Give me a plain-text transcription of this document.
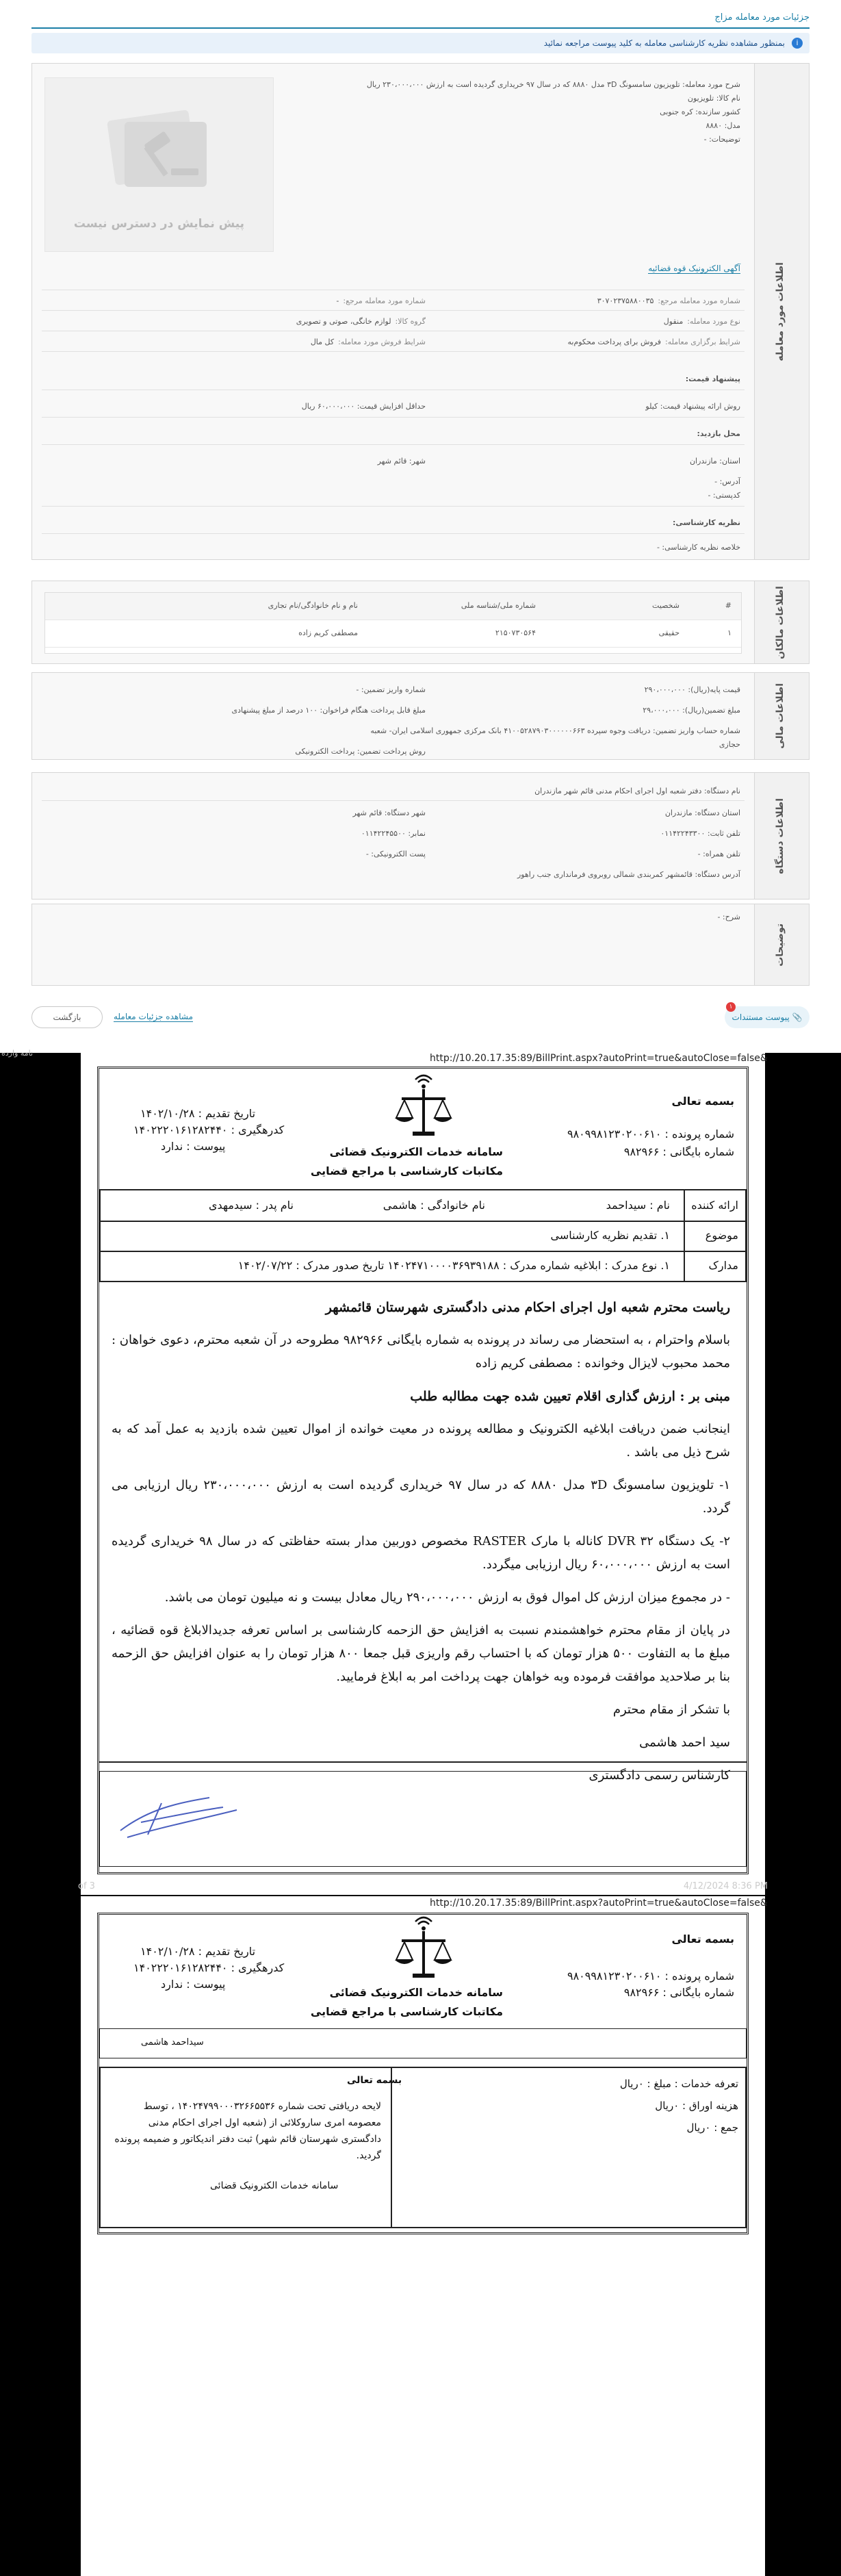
جزئیات مورد معامله مزاج
i
بمنظور مشاهده نظریه کارشناسی معامله به کلید پیوست مراجعه نمائید
اطلاعات مورد معامله
شرح مورد معامله: تلویزیون سامسونگ ۳D مدل ۸۸۸۰ که در سال ۹۷ خریداری گردیده است به ارزش ۲۳۰،۰۰۰،۰۰۰ ریال
نام کالا: تلویزیون
کشور سازنده: کره جنوبی
مدل: ۸۸۸۰
توضیحات: -
پیش نمایش در دسترس نیست
آگهی الکترونیک قوه قضائیه
شماره مورد معامله مرجع:۳۰۷۰۲۳۷۵۸۸۰۰۳۵
شماره مورد معامله مرجع:-
نوع مورد معامله:منقول
گروه کالا:لوازم خانگی، صوتی و تصویری
شرایط برگزاری معامله:فروش برای پرداخت محکوم‌به
شرایط فروش مورد معامله:کل مال
پیشنهاد قیمت:
روش ارائه پیشنهاد قیمت: کیلو
حداقل افزایش قیمت: ۶۰،۰۰۰،۰۰۰ ریال
محل بازدید:
استان: مازندران
شهر: قائم شهر
آدرس: -
کدپستی: -
نظریه کارشناسی:
خلاصه نظریه کارشناسی: -
اطلاعات مالکان
#
شخصیت
شماره ملی/شناسه ملی
نام و نام خانوادگی/نام تجاری
۱
حقیقی
۲۱۵۰۷۳۰۵۶۴
مصطفی کریم زاده
اطلاعات مالی
قیمت پایه(ریال): ۲۹۰،۰۰۰،۰۰۰
شماره واریز تضمین: -
مبلغ تضمین(ریال): ۲۹،۰۰۰،۰۰۰
مبلغ قابل پرداخت هنگام فراخوان: ۱۰۰ درصد از مبلغ پیشنهادی
شماره حساب واریز تضمین: دریافت وجوه سپرده ۴۱۰۰۵۲۸۷۹۰۳۰۰۰۰۰۰۶۶۳ بانک مرکزی جمهوری اسلامی ایران- شعبه
حجازی
روش پرداخت تضمین: پرداخت الکترونیکی
اطلاعات دستگاه
نام دستگاه: دفتر شعبه اول اجرای احکام مدنی قائم شهر مازندران
استان دستگاه: مازندران
شهر دستگاه: قائم شهر
تلفن ثابت: ۰۱۱۴۲۲۴۳۳۰۰
نمابر: ۰۱۱۴۲۲۴۵۵۰۰
تلفن همراه: -
پست الکترونیکی: -
آدرس دستگاه: قائمشهر کمربندی شمالی روبروی فرمانداری جنب راهور
توضیحات
شرح: -
📎 پیوست مستندات
۱
بازگشت	مشاهده جزئیات معامله
http://10.20.17.35:89/BillPrint.aspx?autoPrint=true&autoClose=false&
بسمه تعالی
شماره پرونده : ۹۸۰۹۹۸۱۲۳۰۲۰۰۶۱۰
شماره بایگانی : ۹۸۲۹۶۶
سامانه خدمات الکترونیک قضائی
مکاتبات کارشناسی با مراجع قضایی
تاریخ تقدیم : ۱۴۰۲/۱۰/۲۸
کدرهگیری : ۱۴۰۲۲۲۰۱۶۱۲۸۲۴۴۰
پیوست : ندارد
ارائه کننده
نام : سیداحمد
نام خانوادگی : هاشمی
نام پدر : سیدمهدی
موضوع
۱. تقدیم نظریه کارشناسی
مدارک
۱. نوع مدرک : ابلاغیه شماره مدرک : ۱۴۰۲۴۷۱۰۰۰۰۳۶۹۳۹۱۸۸ تاریخ صدور مدرک : ۱۴۰۲/۰۷/۲۲

ریاست محترم شعبه اول اجرای احکام مدنی دادگستری شهرستان قائمشهر

باسلام واحترام ، به استحضار می رساند در پرونده به شماره بایگانی ۹۸۲۹۶۶ مطروحه در آن شعبه محترم، دعوی خواهان : محمد محبوب لایزال وخوانده : مصطفی کریم زاده

مبنی بر : ارزش گذاری اقلام تعیین شده جهت مطالبه طلب

اینجانب ضمن دریافت ابلاغیه الکترونیک و مطالعه پرونده در معیت خوانده از اموال تعیین شده بازدید به عمل آمد که به شرح ذیل می باشد .

۱- تلویزیون سامسونگ ۳D مدل ۸۸۸۰ که در سال ۹۷ خریداری گردیده است به ارزش ۲۳۰،۰۰۰،۰۰۰ ریال ارزیابی می گردد.

۲- یک دستگاه DVR ۳۲ کاناله با مارک RASTER مخصوص دوربین مدار بسته حفاظتی که در سال ۹۸ خریداری گردیده است به ارزش ۶۰،۰۰۰،۰۰۰ ریال ارزیابی میگردد.

- در مجموع میزان ارزش کل اموال فوق به ارزش ۲۹۰،۰۰۰،۰۰۰ ریال معادل بیست و نه میلیون تومان می باشد.

در پایان از مقام محترم خواهشمندم نسبت به افزایش حق الزحمه کارشناسی بر اساس تعرفه جدیدالابلاغ قوه قضائیه ، مبلغ ما به التفاوت ۵۰۰ هزار تومان که با احتساب رقم واریزی قبل جمعا ۸۰۰ هزار تومان را به عنوان افزایش حق الزحمه بنا بر صلاحدید موافقت فرموده وبه خواهان جهت پرداخت امر به ابلاغ فرمایید.

با تشکر از مقام محترم

سید احمد هاشمی

کارشناس رسمی دادگستری

of 3	4/12/2024 8:36 PM
نامه وارده
http://10.20.17.35:89/BillPrint.aspx?autoPrint=true&autoClose=false&
بسمه تعالی
شماره پرونده : ۹۸۰۹۹۸۱۲۳۰۲۰۰۶۱۰
شماره بایگانی : ۹۸۲۹۶۶
سامانه خدمات الکترونیک قضائی
مکاتبات کارشناسی با مراجع قضایی
تاریخ تقدیم : ۱۴۰۲/۱۰/۲۸
کدرهگیری : ۱۴۰۲۲۲۰۱۶۱۲۸۲۴۴۰
پیوست : ندارد
سیداحمد هاشمی
تعرفه خدمات : مبلغ : ۰ریال
هزینه اوراق : ۰ریال
جمع : ۰ریال
بسمه تعالی
لایحه دریافتی تحت شماره ۱۴۰۲۴۷۹۹۰۰۰۳۲۶۶۵۵۳۶ ، توسط معصومه امری ساروکلائی از (شعبه اول اجرای احکام مدنی دادگستری شهرستان قائم شهر) ثبت دفتر اندیکاتور و ضمیمه پرونده گردید.
سامانه خدمات الکترونیک قضائی
